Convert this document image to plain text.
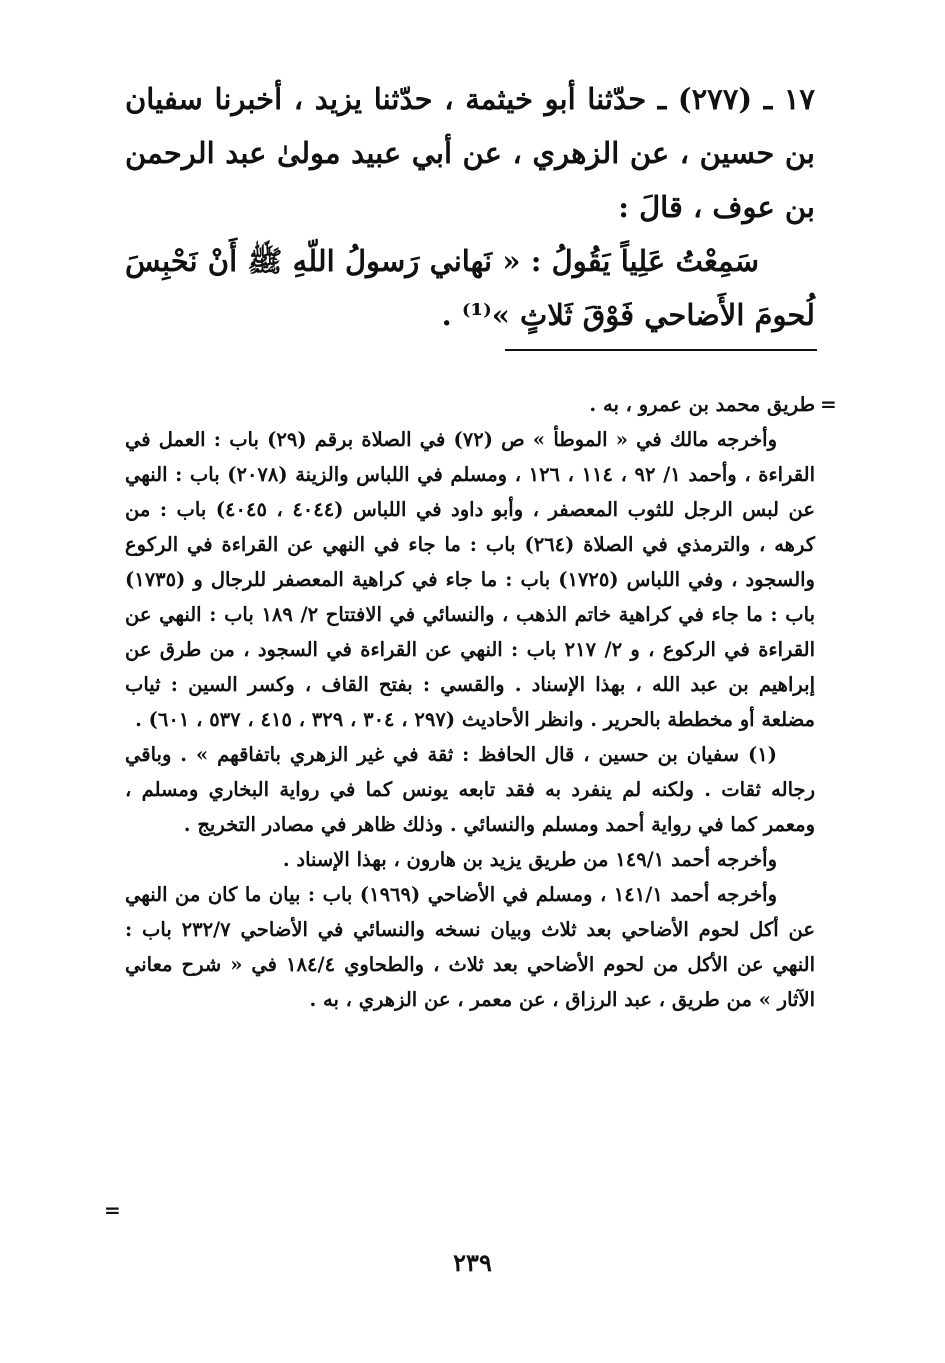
١٧ ـ (٢٧٧) ـ حدّثنا أبو خيثمة ، حدّثنا يزيد ، أخبرنا سفيان بن حسين ، عن الزهري ، عن أبي عبيد مولىٰ عبد الرحمن بن عوف ، قالَ :

سَمِعْتُ عَلِياً يَقُولُ : « نَهاني رَسولُ اللّهِ ﷺ أَنْ نَحْبِسَ لُحومَ الأَضاحي فَوْقَ ثَلاثٍ »⁽¹⁾ .

=

طريق محمد بن عمرو ، به .

وأخرجه مالك في « الموطأ » ص (٧٢) في الصلاة برقم (٢٩) باب : العمل في القراءة ، وأحمد ١/ ٩٢ ، ١١٤ ، ١٢٦ ، ومسلم في اللباس والزينة (٢٠٧٨) باب : النهي عن لبس الرجل للثوب المعصفر ، وأبو داود في اللباس (٤٠٤٤ ، ٤٠٤٥) باب : من كرهه ، والترمذي في الصلاة (٢٦٤) باب : ما جاء في النهي عن القراءة في الركوع والسجود ، وفي اللباس (١٧٢٥) باب : ما جاء في كراهية المعصفر للرجال و (١٧٣٥) باب : ما جاء في كراهية خاتم الذهب ، والنسائي في الافتتاح ٢/ ١٨٩ باب : النهي عن القراءة في الركوع ، و ٢/ ٢١٧ باب : النهي عن القراءة في السجود ، من طرق عن إبراهيم بن عبد الله ، بهذا الإسناد . والقسي : بفتح القاف ، وكسر السين : ثياب مضلعة أو مخططة بالحرير . وانظر الأحاديث (٢٩٧ ، ٣٠٤ ، ٣٢٩ ، ٤١٥ ، ٥٣٧ ، ٦٠١) .

(١) سفيان بن حسين ، قال الحافظ : ثقة في غير الزهري باتفاقهم » . وباقي رجاله ثقات . ولكنه لم ينفرد به فقد تابعه يونس كما في رواية البخاري ومسلم ، ومعمر كما في رواية أحمد ومسلم والنسائي . وذلك ظاهر في مصادر التخريج .

وأخرجه أحمد ١٤٩/١ من طريق يزيد بن هارون ، بهذا الإسناد .

وأخرجه أحمد ١٤١/١ ، ومسلم في الأضاحي (١٩٦٩) باب : بيان ما كان من النهي عن أكل لحوم الأضاحي بعد ثلاث وبيان نسخه والنسائي في الأضاحي ٢٣٢/٧ باب : النهي عن الأكل من لحوم الأضاحي بعد ثلاث ، والطحاوي ١٨٤/٤ في « شرح معاني الآثار » من طريق ، عبد الرزاق ، عن معمر ، عن الزهري ، به .

=
٢٣٩
